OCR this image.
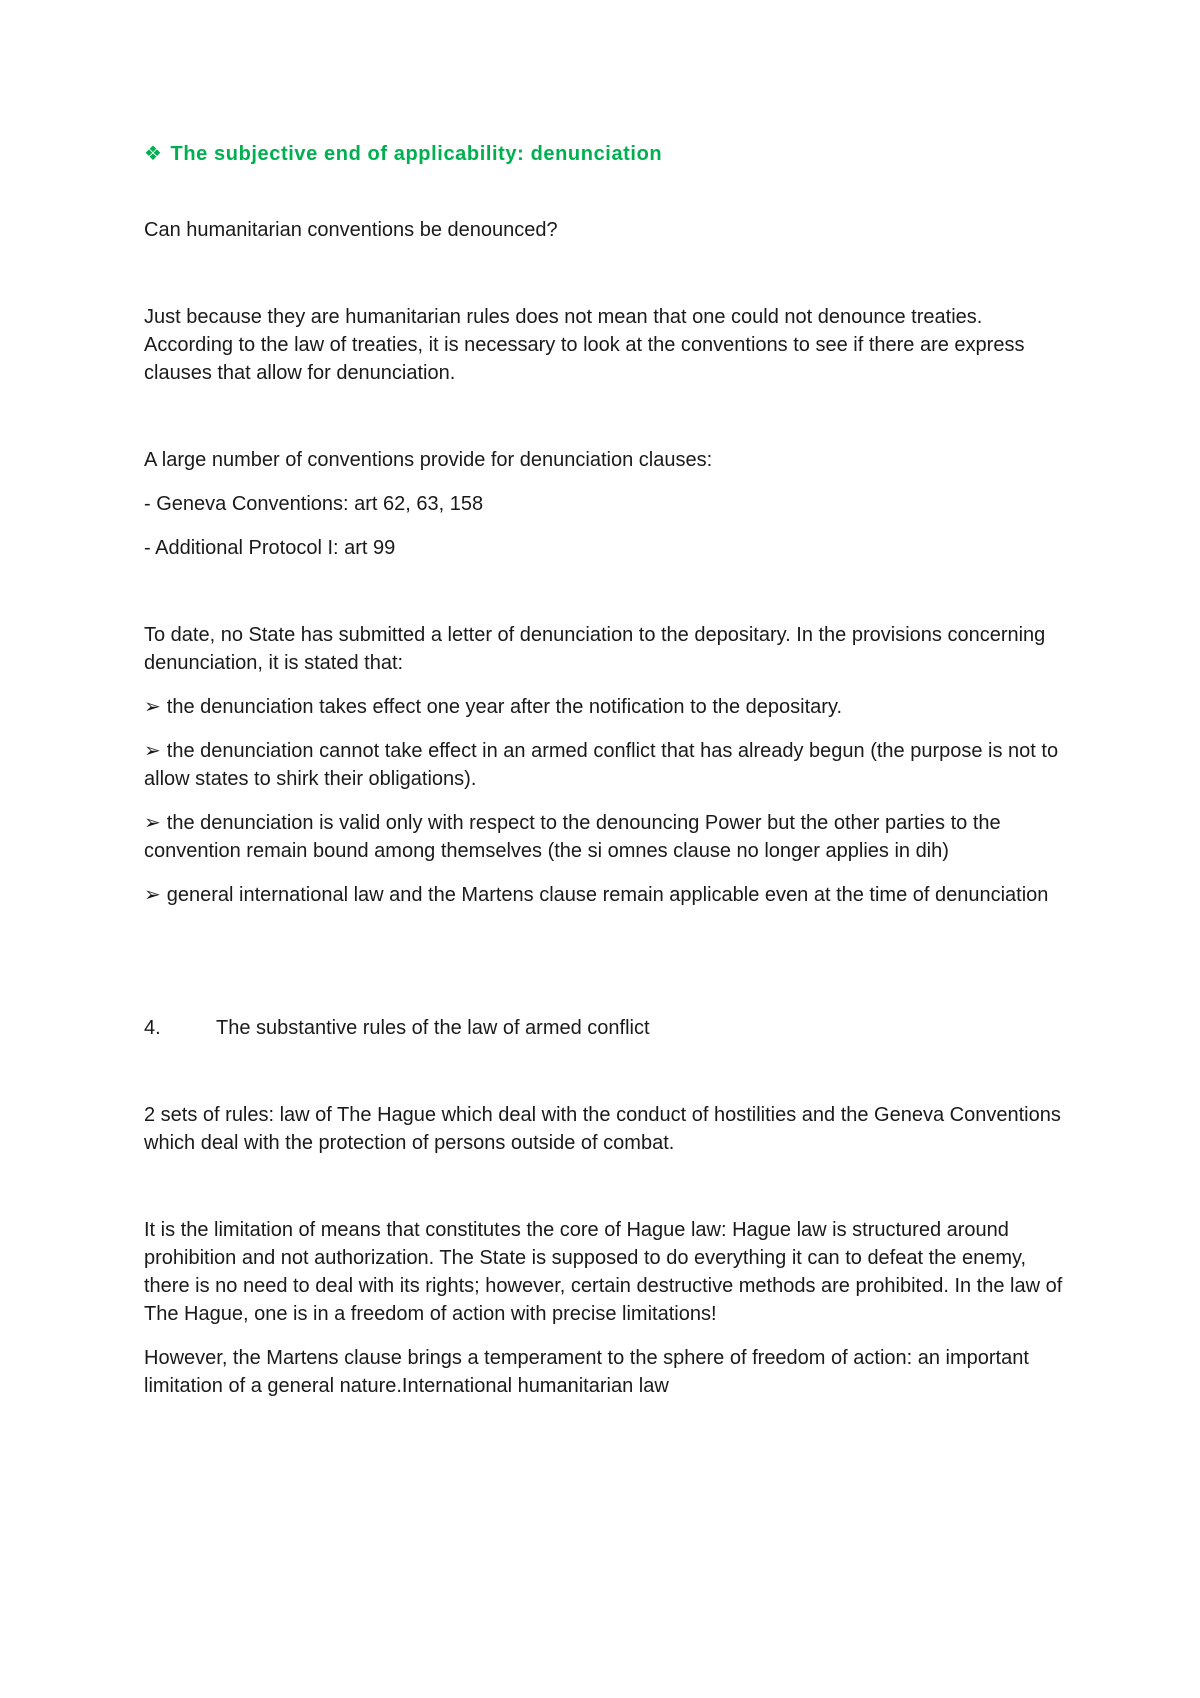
❖ The subjective end of applicability: denunciation

Can humanitarian conventions be denounced?

Just because they are humanitarian rules does not mean that one could not denounce treaties. According to the law of treaties, it is necessary to look at the conventions to see if there are express clauses that allow for denunciation.

A large number of conventions provide for denunciation clauses:

- Geneva Conventions: art 62, 63, 158

- Additional Protocol I: art 99

To date, no State has submitted a letter of denunciation to the depositary. In the provisions concerning denunciation, it is stated that:

➢ the denunciation takes effect one year after the notification to the depositary.

➢ the denunciation cannot take effect in an armed conflict that has already begun (the purpose is not to allow states to shirk their obligations).

➢ the denunciation is valid only with respect to the denouncing Power but the other parties to the convention remain bound among themselves (the si omnes clause no longer applies in dih)

➢ general international law and the Martens clause remain applicable even at the time of denunciation

4.	The substantive rules of the law of armed conflict

2 sets of rules: law of The Hague which deal with the conduct of hostilities and the Geneva Conventions which deal with the protection of persons outside of combat.

It is the limitation of means that constitutes the core of Hague law: Hague law is structured around prohibition and not authorization. The State is supposed to do everything it can to defeat the enemy, there is no need to deal with its rights; however, certain destructive methods are prohibited. In the law of The Hague, one is in a freedom of action with precise limitations!

However, the Martens clause brings a temperament to the sphere of freedom of action: an important limitation of a general nature.International humanitarian law
